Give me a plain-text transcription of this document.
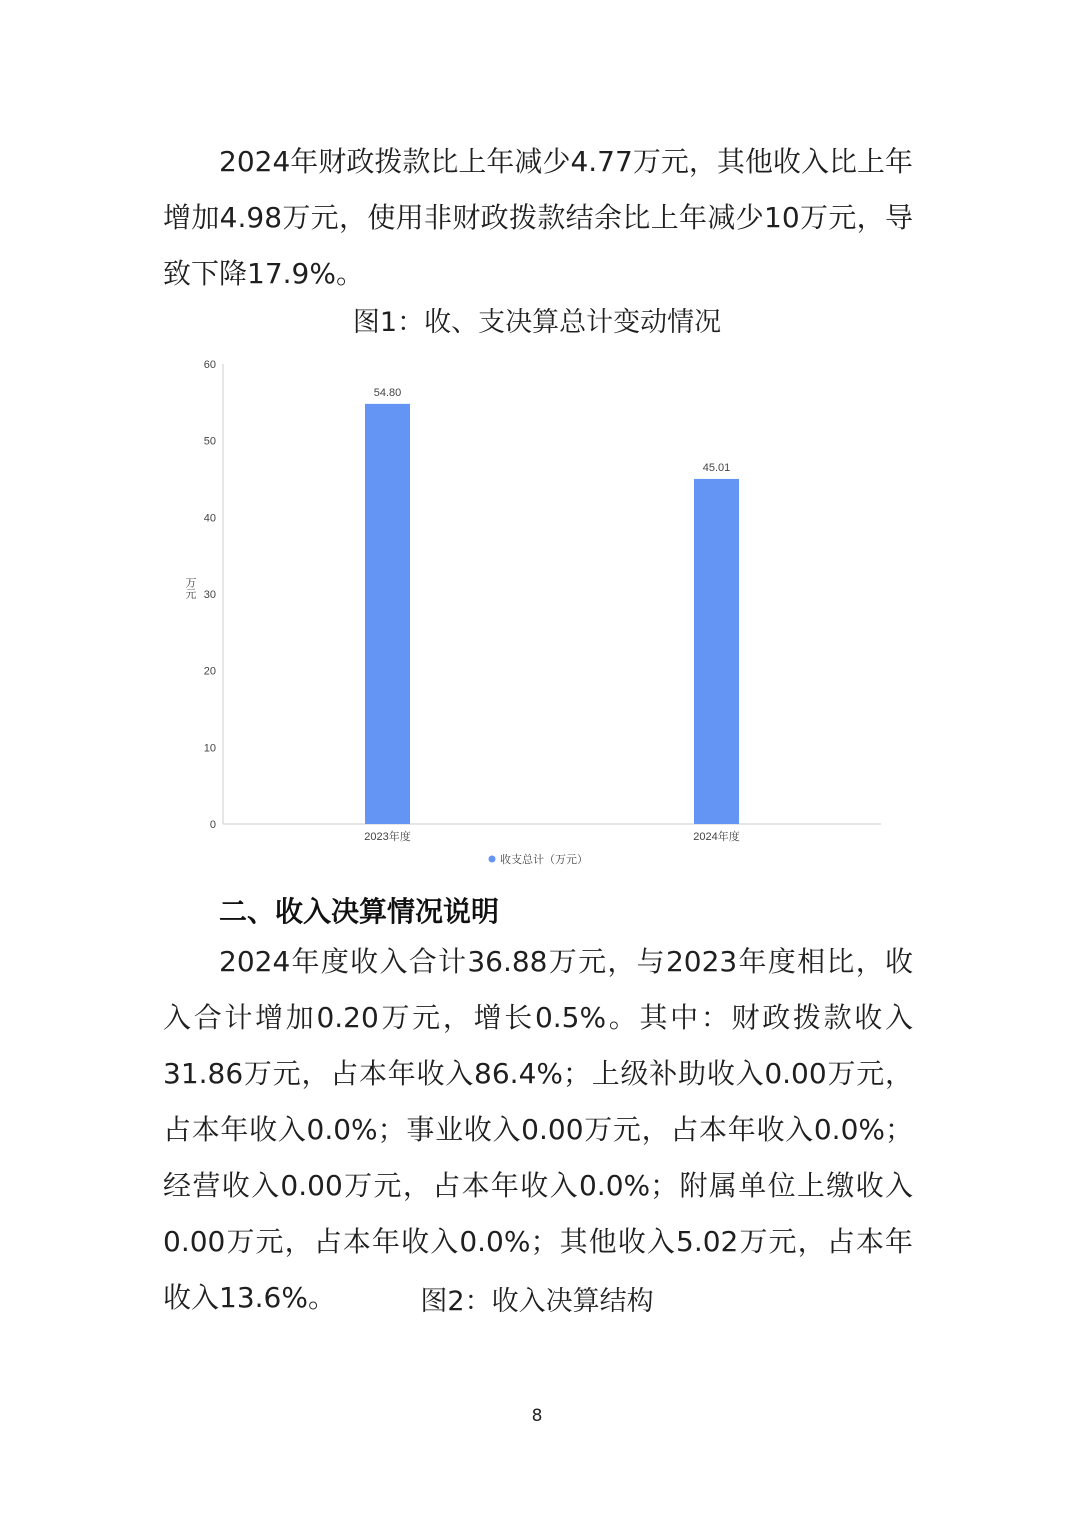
2024年财政拨款比上年减少4.77万元，其他收入比上年增加4.98万元，使用非财政拨款结余比上年减少10万元，导致下降17.9%。

图1：收、支决算总计变动情况
0
10
20
30
40
50
60
万元
54.80
45.01
2023年度	2024年度
收支总计（万元）
二、收入决算情况说明

2024年度收入合计36.88万元，与2023年度相比，收入合计增加0.20万元，增长0.5%。其中：财政拨款收入31.86万元，占本年收入86.4%；上级补助收入0.00万元，占本年收入0.0%；事业收入0.00万元，占本年收入0.0%；经营收入0.00万元，占本年收入0.0%；附属单位上缴收入0.00万元，占本年收入0.0%；其他收入5.02万元，占本年收入13.6%。	图2：收入决算结构
8
